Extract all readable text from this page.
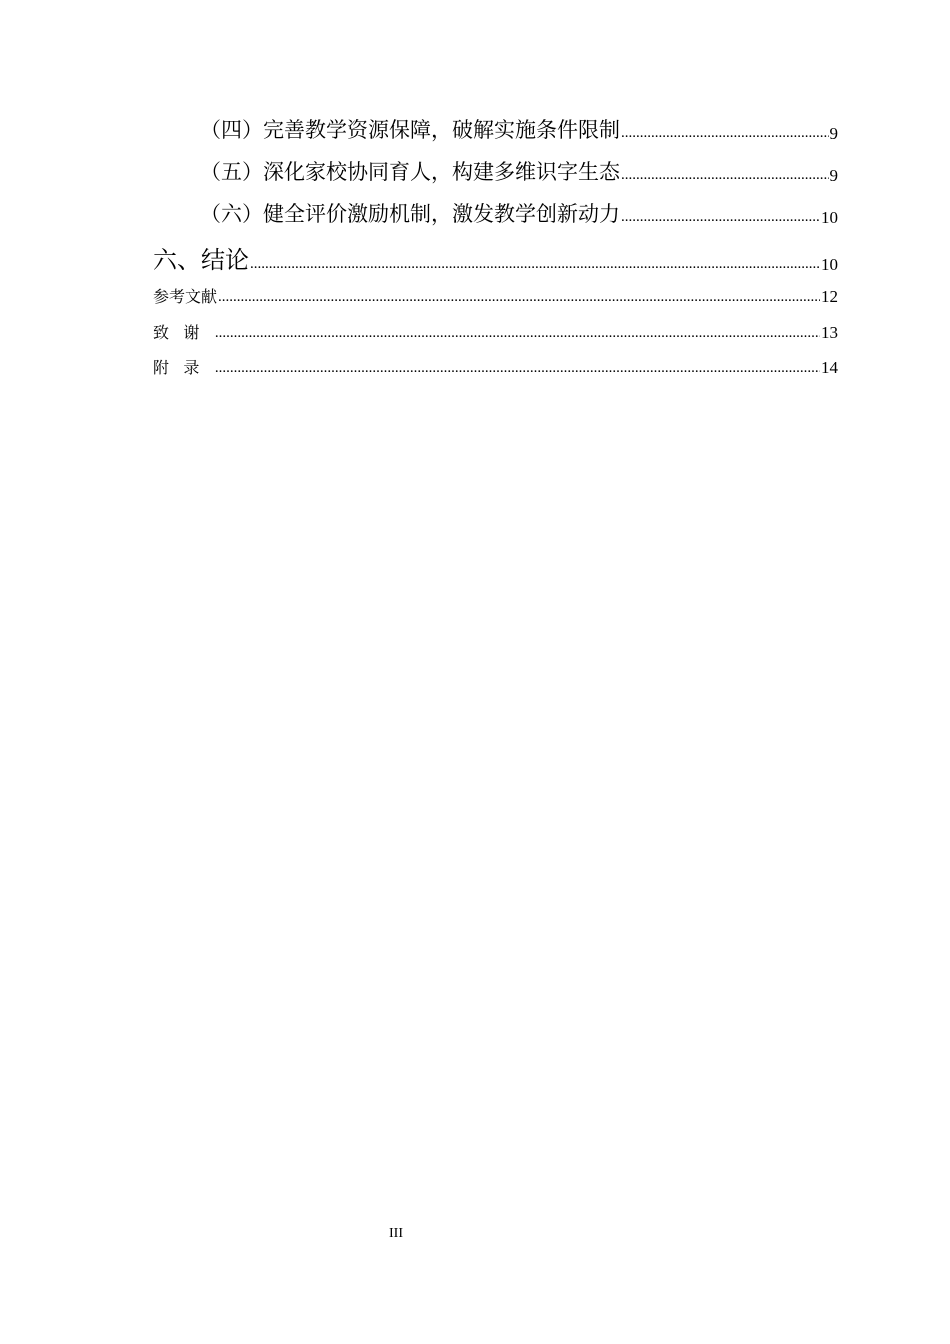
（四）完善教学资源保障，破解实施条件限制 .....	9
（五）深化家校协同育人，构建多维识字生态 .....	9
（六）健全评价激励机制，激发教学创新动力 .....	10
六、结论 .....	10
参考文献 .....	12
致谢 .....	13
附录 .....	14
III
